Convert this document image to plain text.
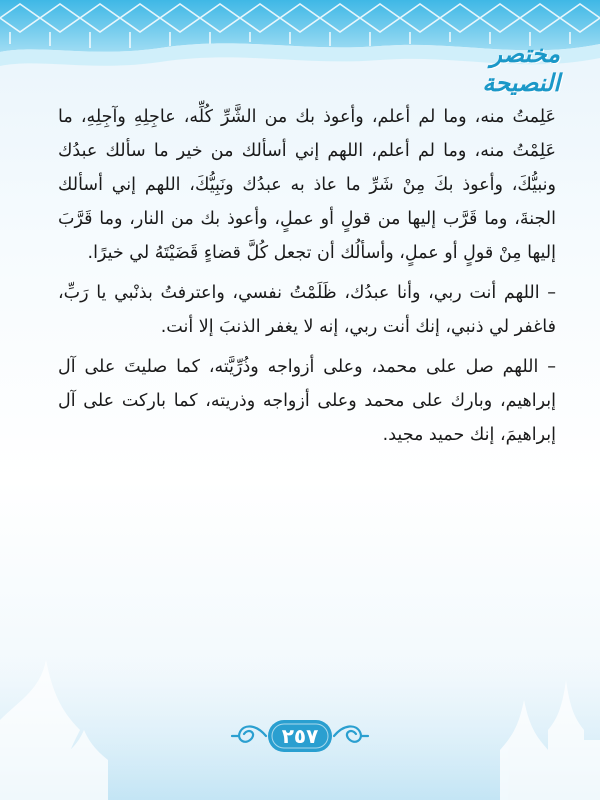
مختصر النصيحة

عَلِمتُ منه، وما لم أعلم، وأعوذ بك من الشَّرِّ كُلِّه، عاجِلِهِ وآجِلِهِ، ما عَلِمْتُ منه، وما لم أعلم، اللهم إني أسألك من خير ما سألك عبدُك ونبيُّكَ، وأعوذ بكَ مِنْ شَرِّ ما عاذ به عبدُك ونَبِيُّكَ، اللهم إني أسألك الجنةَ، وما قَرَّب إليها من قولٍ أو عملٍ، وأعوذ بك من النار، وما قَرَّبَ إليها مِنْ قولٍ أو عملٍ، وأسألُك أن تجعل كُلَّ قضاءٍ قَضَيْتَهُ لي خيرًا.

– اللهم أنت ربي، وأنا عبدُك، ظَلَمْتُ نفسي، واعترفتُ بذنْبي يا رَبِّ، فاغفر لي ذنبي، إنك أنت ربي، إنه لا يغفر الذنبَ إلا أنت.

– اللهم صل على محمد، وعلى أزواجه وذُرِّيَّته، كما صليتَ على آل إبراهيم، وبارك على محمد وعلى أزواجه وذريته، كما باركت على آل إبراهيمَ، إنك حميد مجيد.

٢٥٧
